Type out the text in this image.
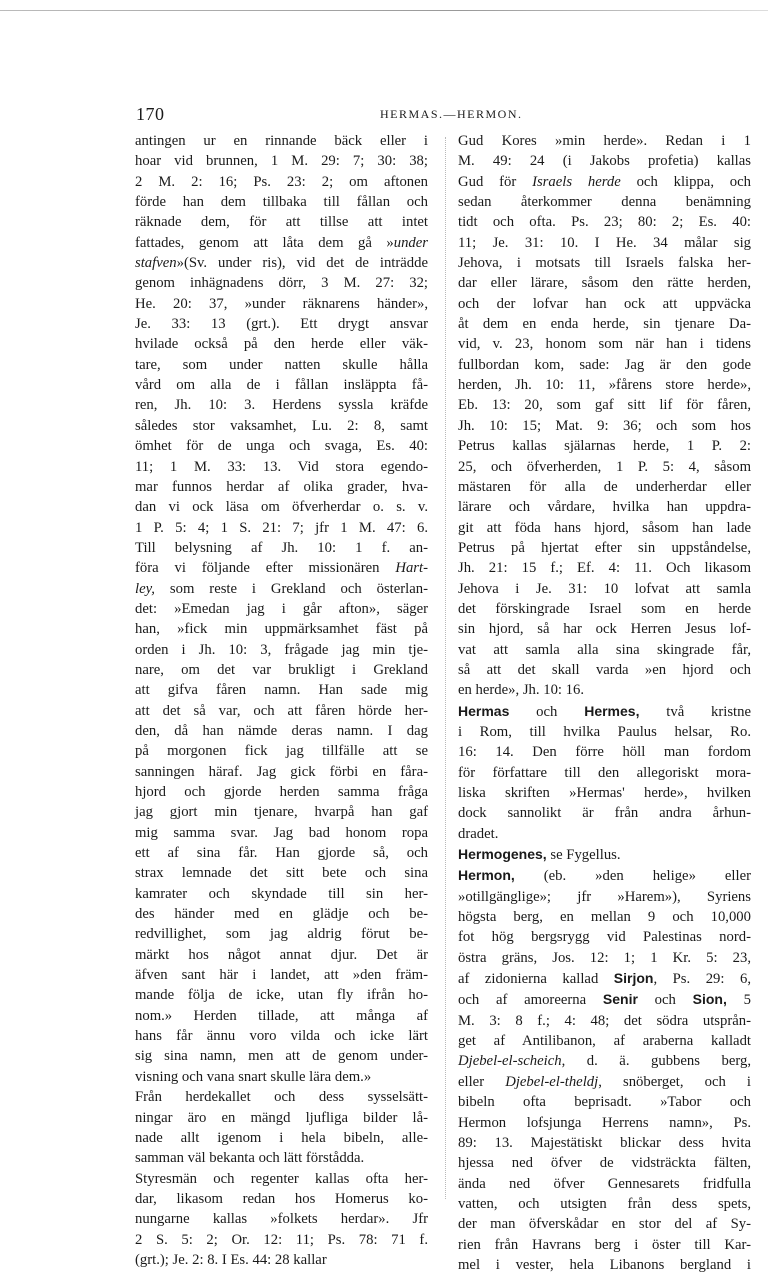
170	HERMAS.—HERMON.
antingen ur en rinnande bäck eller i
hoar vid brunnen, 1 M. 29: 7; 30: 38;
2 M. 2: 16; Ps. 23: 2; om aftonen
förde han dem tillbaka till fållan och
räknade dem, för att tillse att intet
fattades, genom att låta dem gå »under
stafven»(Sv. under ris), vid det de inträdde
genom inhägnadens dörr, 3 M. 27: 32;
He. 20: 37, »under räknarens händer»,
Je. 33: 13 (grt.). Ett drygt ansvar
hvilade också på den herde eller väk-
tare, som under natten skulle hålla
vård om alla de i fållan insläppta få-
ren, Jh. 10: 3. Herdens syssla kräfde
således stor vaksamhet, Lu. 2: 8, samt
ömhet för de unga och svaga, Es. 40:
11; 1 M. 33: 13. Vid stora egendo-
mar funnos herdar af olika grader, hva-
dan vi ock läsa om öfverherdar o. s. v.
1 P. 5: 4; 1 S. 21: 7; jfr 1 M. 47: 6.
Till belysning af Jh. 10: 1 f. an-
föra vi följande efter missionären Hart-
ley, som reste i Grekland och österlan-
det: »Emedan jag i går afton», säger
han, »fick min uppmärksamhet fäst på
orden i Jh. 10: 3, frågade jag min tje-
nare, om det var brukligt i Grekland
att gifva fåren namn. Han sade mig
att det så var, och att fåren hörde her-
den, då han nämde deras namn. I dag
på morgonen fick jag tillfälle att se
sanningen häraf. Jag gick förbi en fåra-
hjord och gjorde herden samma fråga
jag gjort min tjenare, hvarpå han gaf
mig samma svar. Jag bad honom ropa
ett af sina får. Han gjorde så, och
strax lemnade det sitt bete och sina
kamrater och skyndade till sin her-
des händer med en glädje och be-
redvillighet, som jag aldrig förut be-
märkt hos något annat djur. Det är
äfven sant här i landet, att »den främ-
mande följa de icke, utan fly ifrån ho-
nom.» Herden tillade, att många af
hans får ännu voro vilda och icke lärt
sig sina namn, men att de genom under-
visning och vana snart skulle lära dem.»
Från herdekallet och dess sysselsätt-
ningar äro en mängd ljufliga bilder lå-
nade allt igenom i hela bibeln, alle-
samman väl bekanta och lätt förstådda.
Styresmän och regenter kallas ofta her-
dar, likasom redan hos Homerus ko-
nungarne kallas »folkets herdar». Jfr
2 S. 5: 2; Or. 12: 11; Ps. 78: 71 f.
(grt.); Je. 2: 8. I Es. 44: 28 kallar
Gud Kores »min herde». Redan i 1
M. 49: 24 (i Jakobs profetia) kallas
Gud för Israels herde och klippa, och
sedan återkommer denna benämning
tidt och ofta. Ps. 23; 80: 2; Es. 40:
11; Je. 31: 10. I He. 34 målar sig
Jehova, i motsats till Israels falska her-
dar eller lärare, såsom den rätte herden,
och der lofvar han ock att uppväcka
åt dem en enda herde, sin tjenare Da-
vid, v. 23, honom som när han i tidens
fullbordan kom, sade: Jag är den gode
herden, Jh. 10: 11, »fårens store herde»,
Eb. 13: 20, som gaf sitt lif för fåren,
Jh. 10: 15; Mat. 9: 36; och som hos
Petrus kallas själarnas herde, 1 P. 2:
25, och öfverherden, 1 P. 5: 4, såsom
mästaren för alla de underherdar eller
lärare och vårdare, hvilka han uppdra-
git att föda hans hjord, såsom han lade
Petrus på hjertat efter sin uppståndelse,
Jh. 21: 15 f.; Ef. 4: 11. Och likasom
Jehova i Je. 31: 10 lofvat att samla
det förskingrade Israel som en herde
sin hjord, så har ock Herren Jesus lof-
vat att samla alla sina skingrade får,
så att det skall varda »en hjord och
en herde», Jh. 10: 16.
Hermas och Hermes, två kristne
i Rom, till hvilka Paulus helsar, Ro.
16: 14. Den förre höll man fordom
för författare till den allegoriskt mora-
liska skriften »Hermas' herde», hvilken
dock sannolikt är från andra århun-
dradet.
Hermogenes, se Fygellus.
Hermon, (eb. »den helige» eller
»otillgänglige»; jfr »Harem»), Syriens
högsta berg, en mellan 9 och 10,000
fot hög bergsrygg vid Palestinas nord-
östra gräns, Jos. 12: 1; 1 Kr. 5: 23,
af zidonierna kallad Sirjon, Ps. 29: 6,
och af amoreerna Senir och Sion, 5
M. 3: 8 f.; 4: 48; det södra utsprån-
get af Antilibanon, af araberna kalladt
Djebel-el-scheich, d. ä. gubbens berg,
eller Djebel-el-theldj, snöberget, och i
bibeln ofta beprisadt. »Tabor och
Hermon lofsjunga Herrens namn», Ps.
89: 13. Majestätiskt blickar dess hvita
hjessa ned öfver de vidsträckta fälten,
ända ned öfver Gennesarets fridfulla
vatten, och utsigten från dess spets,
der man öfverskådar en stor del af Sy-
rien från Havrans berg i öster till Kar-
mel i vester, hela Libanons bergland i
